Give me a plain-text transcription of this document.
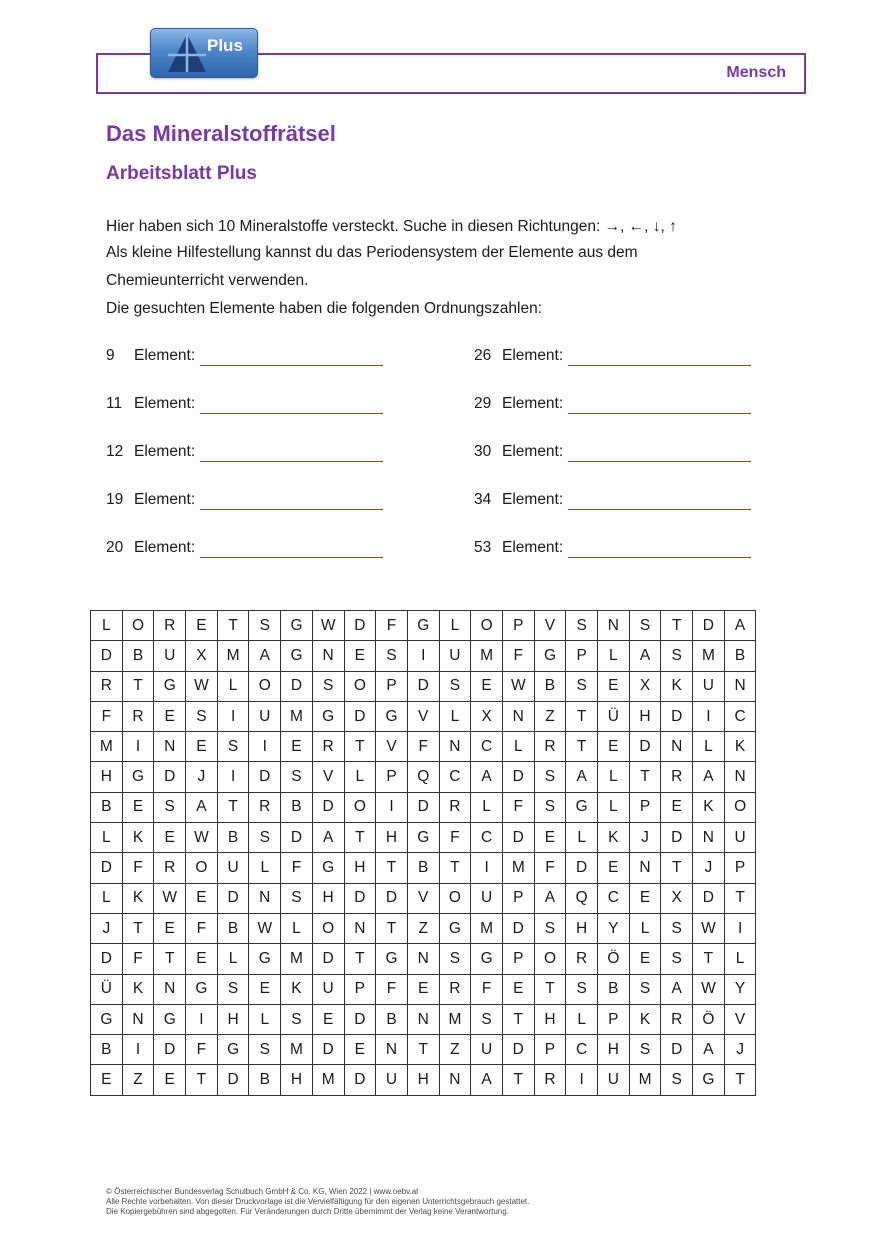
Mensch
Plus
Das Mineralstoffrätsel
Arbeitsblatt Plus

Hier haben sich 10 Mineralstoffe versteckt. Suche in diesen Richtungen: →, ←, ↓, ↑

Als kleine Hilfestellung kannst du das Periodensystem der Elemente aus dem

Chemieunterricht verwenden.

Die gesuchten Elemente haben die folgenden Ordnungszahlen:

9	Element:
11 Element:
12 Element:
19 Element:
20 Element:
26 Element:
29 Element:
30 Element:
34 Element:
53 Element:
L	O	R	E	T	S	G	W	D	F	G	L	O	P	V	S	N	S	T	D	A
D	B	U	X	M	A	G	N	E	S	I	U	M	F	G	P	L	A	S	M	B
R	T	G	W	L	O	D	S	O	P	D	S	E	W	B	S	E	X	K	U	N
F	R	E	S	I	U	M	G	D	G	V	L	X	N	Z	T	Ü	H	D	I	C
M	I	N	E	S	I	E	R	T	V	F	N	C	L	R	T	E	D	N	L	K
H	G	D	J	I	D	S	V	L	P	Q	C	A	D	S	A	L	T	R	A	N
B	E	S	A	T	R	B	D	O	I	D	R	L	F	S	G	L	P	E	K	O
L	K	E	W	B	S	D	A	T	H	G	F	C	D	E	L	K	J	D	N	U
D	F	R	O	U	L	F	G	H	T	B	T	I	M	F	D	E	N	T	J	P
L	K	W	E	D	N	S	H	D	D	V	O	U	P	A	Q	C	E	X	D	T
J	T	E	F	B	W	L	O	N	T	Z	G	M	D	S	H	Y	L	S	W	I
D	F	T	E	L	G	M	D	T	G	N	S	G	P	O	R	Ö	E	S	T	L
Ü	K	N	G	S	E	K	U	P	F	E	R	F	E	T	S	B	S	A	W	Y
G	N	G	I	H	L	S	E	D	B	N	M	S	T	H	L	P	K	R	Ö	V
B	I	D	F	G	S	M	D	E	N	T	Z	U	D	P	C	H	S	D	A	J
E	Z	E	T	D	B	H	M	D	U	H	N	A	T	R	I	U	M	S	G	T
© Österreichischer Bundesverlag Schulbuch GmbH & Co. KG, Wien 2022 | www.oebv.at
Alle Rechte vorbehalten. Von dieser Druckvorlage ist die Vervielfältigung für den eigenen Unterrichtsgebrauch gestattet.
Die Kopiergebühren sind abgegolten. Für Veränderungen durch Dritte übernimmt der Verlag keine Verantwortung.
